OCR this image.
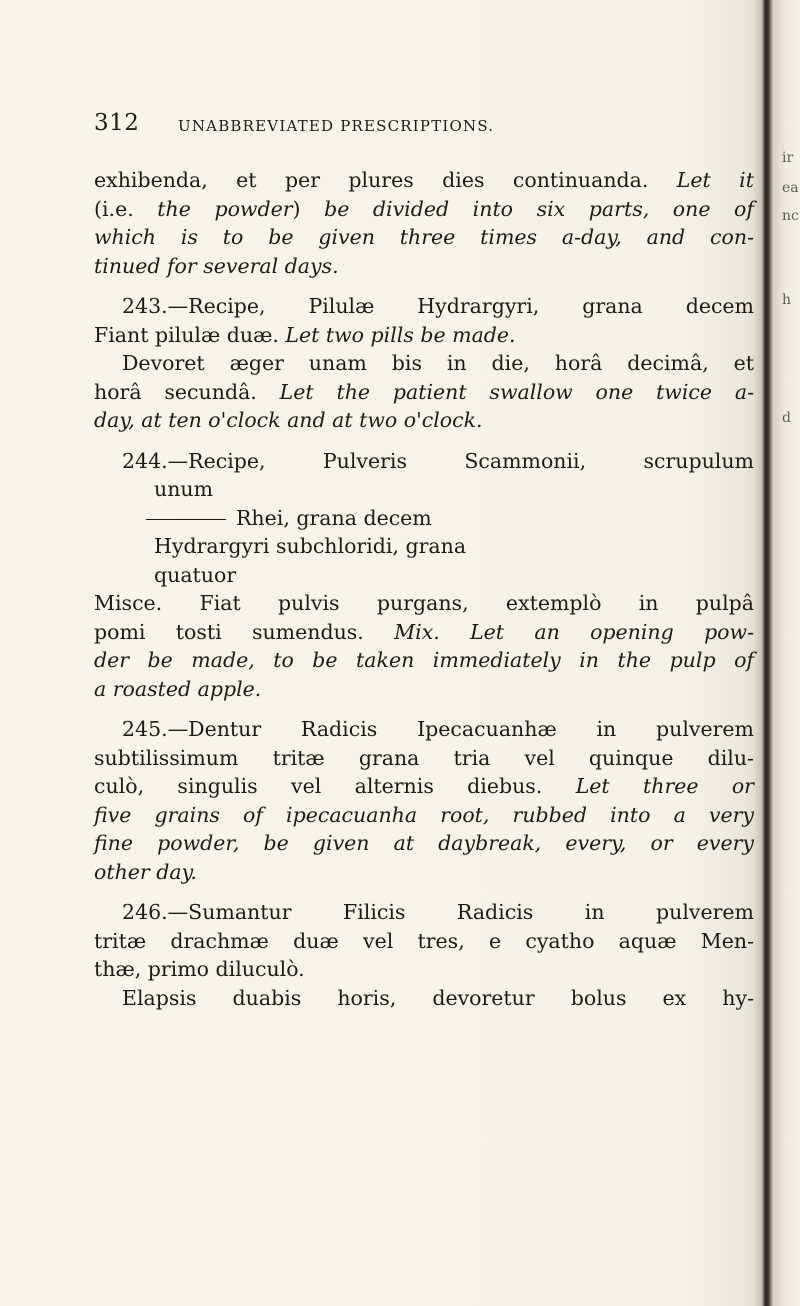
ir
ea
nc
h
d
312	UNABBREVIATED PRESCRIPTIONS.
exhibenda, et per plures dies continuanda. Let it
(i.e. the powder) be divided into six parts, one of
which is to be given three times a-day, and con-
tinued for several days.
243.—Recipe, Pilulæ Hydrargyri, grana decem
Fiant pilulæ duæ. Let two pills be made.
Devoret æger unam bis in die, horâ decimâ, et
horâ secundâ. Let the patient swallow one twice a-
day, at ten o'clock and at two o'clock.
244.—Recipe, Pulveris Scammonii, scrupulum
unum
Rhei, grana decem
Hydrargyri subchloridi, grana
quatuor
Misce. Fiat pulvis purgans, extemplò in pulpâ
pomi tosti sumendus. Mix. Let an opening pow-
der be made, to be taken immediately in the pulp of
a roasted apple.
245.—Dentur Radicis Ipecacuanhæ in pulverem
subtilissimum tritæ grana tria vel quinque dilu-
culò, singulis vel alternis diebus. Let three or
five grains of ipecacuanha root, rubbed into a very
fine powder, be given at daybreak, every, or every
other day.
246.—Sumantur Filicis Radicis in pulverem
tritæ drachmæ duæ vel tres, e cyatho aquæ Men-
thæ, primo diluculò.
Elapsis duabis horis, devoretur bolus ex hy-
